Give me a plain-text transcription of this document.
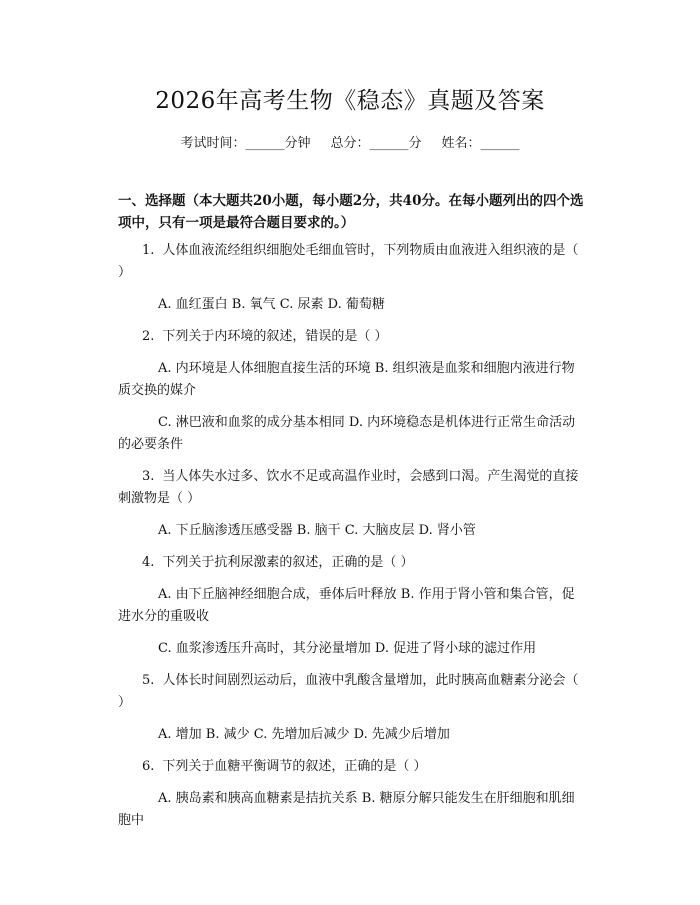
2026年高考生物《稳态》真题及答案
考试时间：______分钟 总分：______分 姓名：______
一、选择题（本大题共20小题，每小题2分，共40分。在每小题列出的四个选项中，只有一项是最符合题目要求的。）
1. 人体血液流经组织细胞处毛细血管时，下列物质由血液进入组织液的是（ ）
A. 血红蛋白 B. 氧气 C. 尿素 D. 葡萄糖
2. 下列关于内环境的叙述，错误的是（ ）
A. 内环境是人体细胞直接生活的环境 B. 组织液是血浆和细胞内液进行物质交换的媒介
C. 淋巴液和血浆的成分基本相同 D. 内环境稳态是机体进行正常生命活动的必要条件
3. 当人体失水过多、饮水不足或高温作业时，会感到口渴。产生渴觉的直接刺激物是（ ）
A. 下丘脑渗透压感受器 B. 脑干 C. 大脑皮层 D. 肾小管
4. 下列关于抗利尿激素的叙述，正确的是（ ）
A. 由下丘脑神经细胞合成，垂体后叶释放 B. 作用于肾小管和集合管，促进水分的重吸收
C. 血浆渗透压升高时，其分泌量增加 D. 促进了肾小球的滤过作用
5. 人体长时间剧烈运动后，血液中乳酸含量增加，此时胰高血糖素分泌会（ ）
A. 增加 B. 减少 C. 先增加后减少 D. 先减少后增加
6. 下列关于血糖平衡调节的叙述，正确的是（ ）
A. 胰岛素和胰高血糖素是拮抗关系 B. 糖原分解只能发生在肝细胞和肌细胞中
